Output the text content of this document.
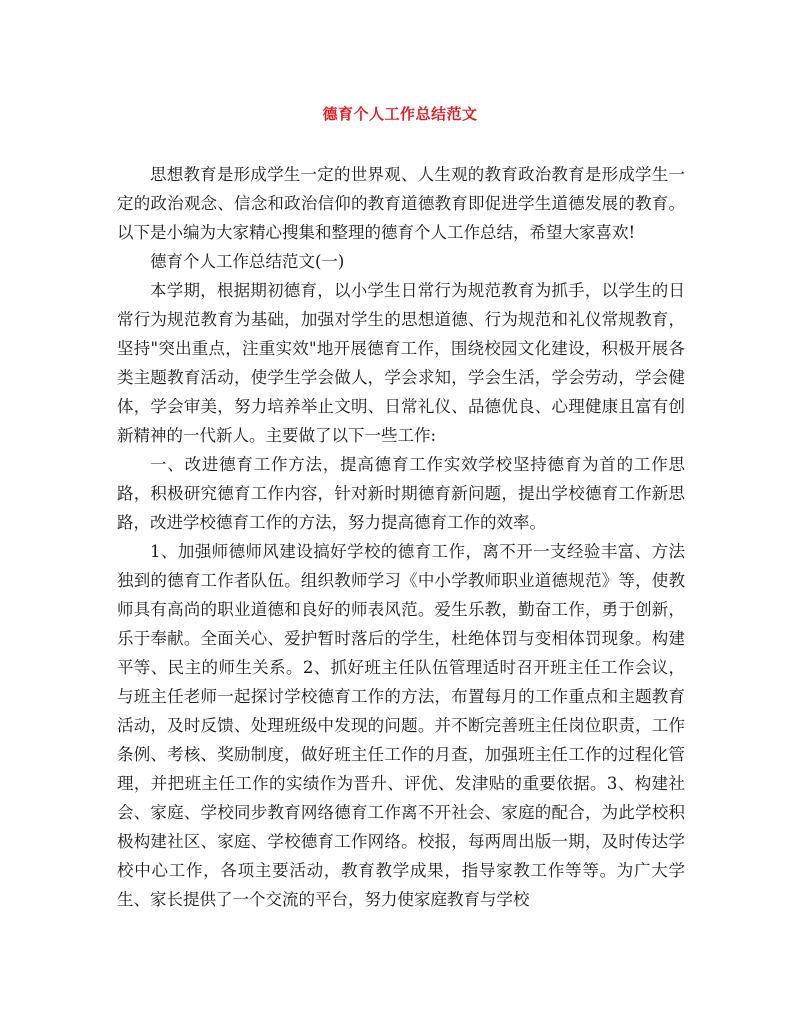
德育个人工作总结范文

思想教育是形成学生一定的世界观、人生观的教育政治教育是形成学生一定的政治观念、信念和政治信仰的教育道德教育即促进学生道德发展的教育。以下是小编为大家精心搜集和整理的德育个人工作总结，希望大家喜欢!

德育个人工作总结范文(一)

本学期，根据期初德育，以小学生日常行为规范教育为抓手，以学生的日常行为规范教育为基础，加强对学生的思想道德、行为规范和礼仪常规教育，坚持"突出重点，注重实效"地开展德育工作，围绕校园文化建设，积极开展各类主题教育活动，使学生学会做人，学会求知，学会生活，学会劳动，学会健体，学会审美，努力培养举止文明、日常礼仪、品德优良、心理健康且富有创新精神的一代新人。主要做了以下一些工作:

一、改进德育工作方法，提高德育工作实效学校坚持德育为首的工作思路，积极研究德育工作内容，针对新时期德育新问题，提出学校德育工作新思路，改进学校德育工作的方法，努力提高德育工作的效率。

1、加强师德师风建设搞好学校的德育工作，离不开一支经验丰富、方法独到的德育工作者队伍。组织教师学习《中小学教师职业道德规范》等，使教师具有高尚的职业道德和良好的师表风范。爱生乐教，勤奋工作，勇于创新，乐于奉献。全面关心、爱护暂时落后的学生，杜绝体罚与变相体罚现象。构建平等、民主的师生关系。2、抓好班主任队伍管理适时召开班主任工作会议，与班主任老师一起探讨学校德育工作的方法，布置每月的工作重点和主题教育活动，及时反馈、处理班级中发现的问题。并不断完善班主任岗位职责，工作条例、考核、奖励制度，做好班主任工作的月查，加强班主任工作的过程化管理，并把班主任工作的实绩作为晋升、评优、发津贴的重要依据。3、构建社会、家庭、学校同步教育网络德育工作离不开社会、家庭的配合，为此学校积极构建社区、家庭、学校德育工作网络。校报，每两周出版一期，及时传达学校中心工作，各项主要活动，教育教学成果，指导家教工作等等。为广大学生、家长提供了一个交流的平台，努力使家庭教育与学校
